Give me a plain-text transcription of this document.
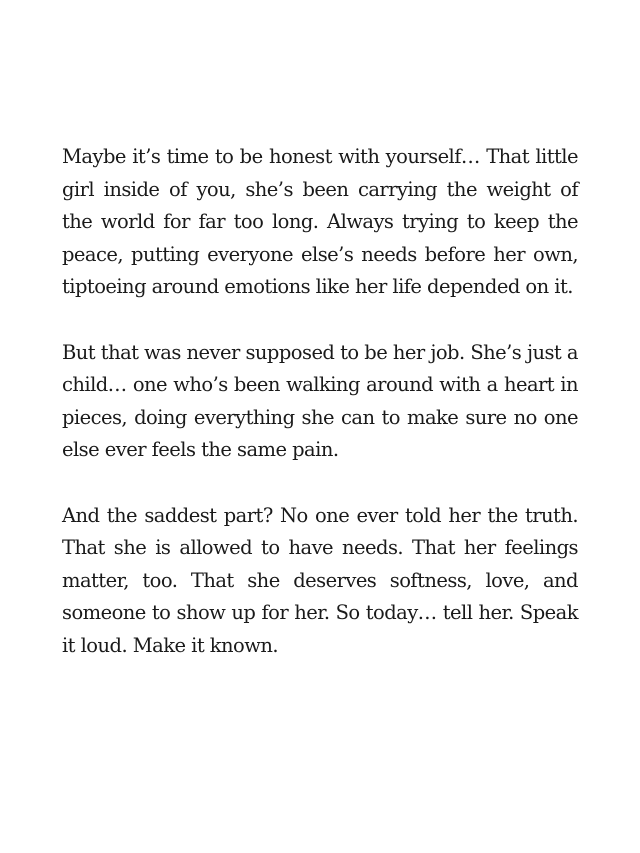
Maybe it’s time to be honest with yourself… That little girl inside of you, she’s been carrying the weight of the world for far too long. Always trying to keep the peace, putting everyone else’s needs before her own, tiptoeing around emotions like her life depended on it.

But that was never supposed to be her job. She’s just a child… one who’s been walking around with a heart in pieces, doing everything she can to make sure no one else ever feels the same pain.

And the saddest part? No one ever told her the truth. That she is allowed to have needs. That her feelings matter, too. That she deserves softness, love, and someone to show up for her. So today… tell her. Speak it loud. Make it known.
